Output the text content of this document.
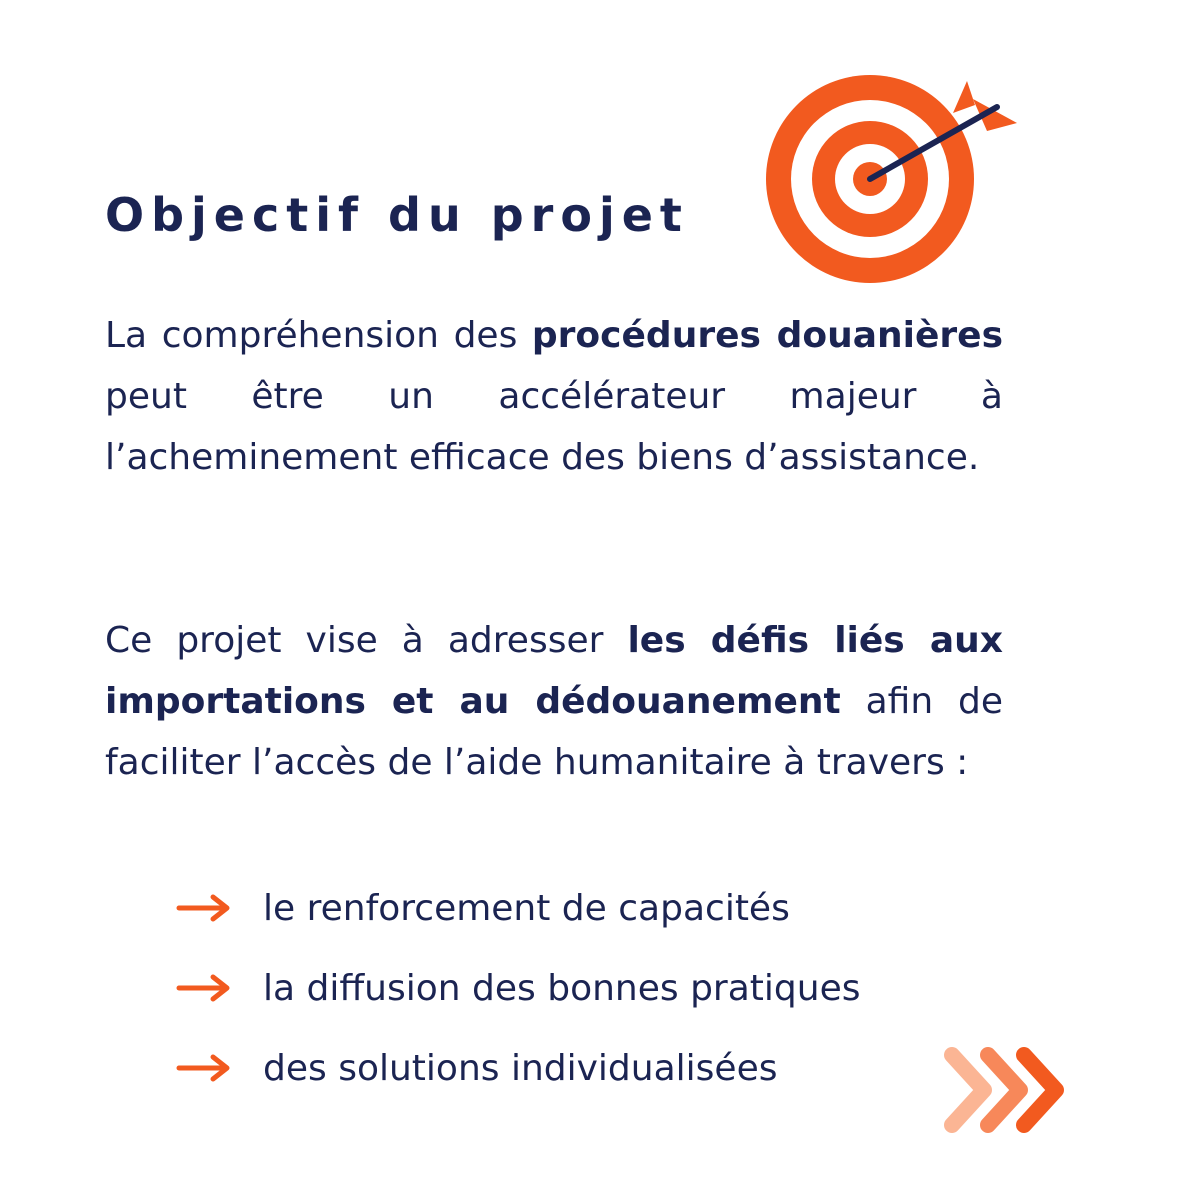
Objectif du projet

La compréhension des procédures douanières peut être un accélérateur majeur à l’acheminement efficace des biens d’assistance.

Ce projet vise à adresser les défis liés aux importations et au dédouanement afin de faciliter l’accès de l’aide humanitaire à travers :

le renforcement de capacités
la diffusion des bonnes pratiques
des solutions individualisées
